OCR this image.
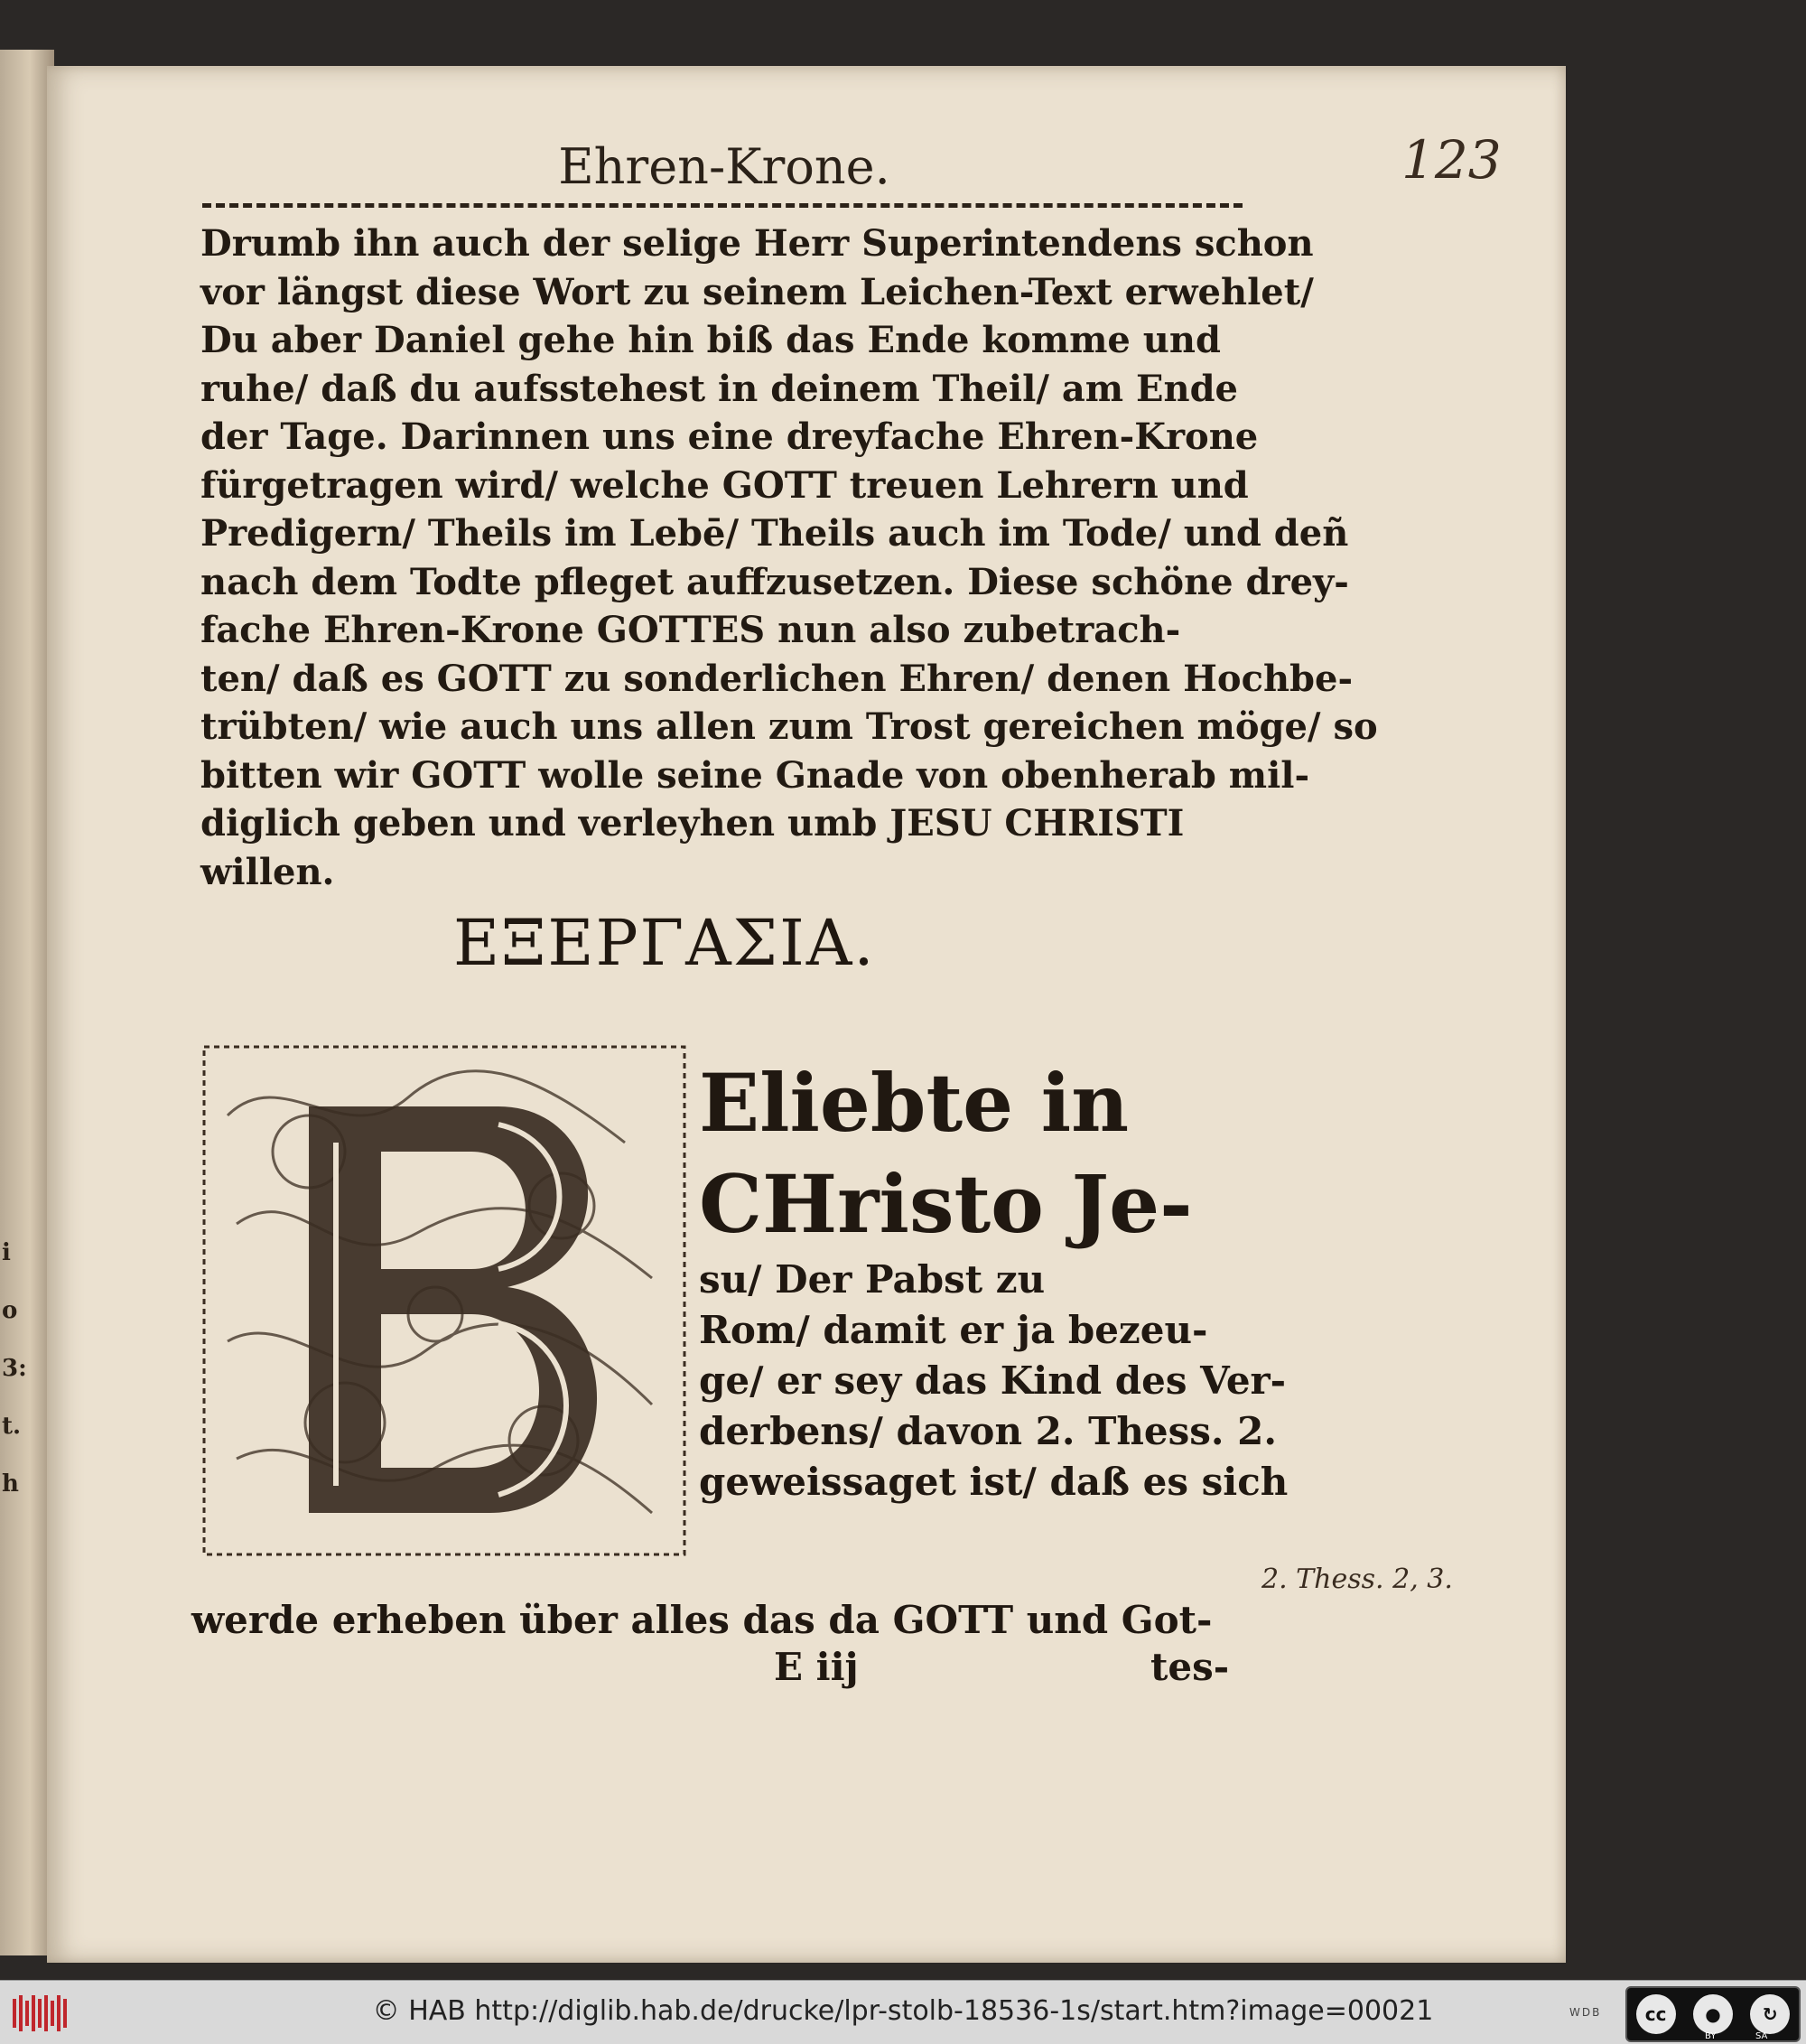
i
o
3:
t.
h
Ehren-Krone.	123
Drumb ihn auch der selige Herr Superintendens schon
vor längst diese Wort zu seinem Leichen-Text erwehlet/
Du aber Daniel gehe hin biß das Ende komme und
ruhe/ daß du aufsstehest in deinem Theil/ am Ende
der Tage. Darinnen uns eine dreyfache Ehren-Krone
fürgetragen wird/ welche GOTT treuen Lehrern und
Predigern/ Theils im Lebē/ Theils auch im Tode/ und deñ
nach dem Todte pfleget auffzusetzen. Diese schöne drey-
fache Ehren-Krone GOTTES nun also zubetrach-
ten/ daß es GOTT zu sonderlichen Ehren/ denen Hochbe-
trübten/ wie auch uns allen zum Trost gereichen möge/ so
bitten wir GOTT wolle seine Gnade von obenherab mil-
diglich geben und verleyhen umb JESU CHRISTI
willen.
ΕΞΕΡΓΑΣΙΑ.
Eliebte in
CHristo Je-
su/ Der Pabst zu
Rom/ damit er ja bezeu-
ge/ er sey das Kind des Ver-
derbens/ davon 2. Thess. 2.
geweissaget ist/ daß es sich
2. Thess. 2, 3.
werde erheben über alles das da GOTT und Got-
E iij	tes-
© HAB http://diglib.hab.de/drucke/lpr-stolb-18536-1s/start.htm?image=00021	WDB	cc	●	↻
BY	SA
